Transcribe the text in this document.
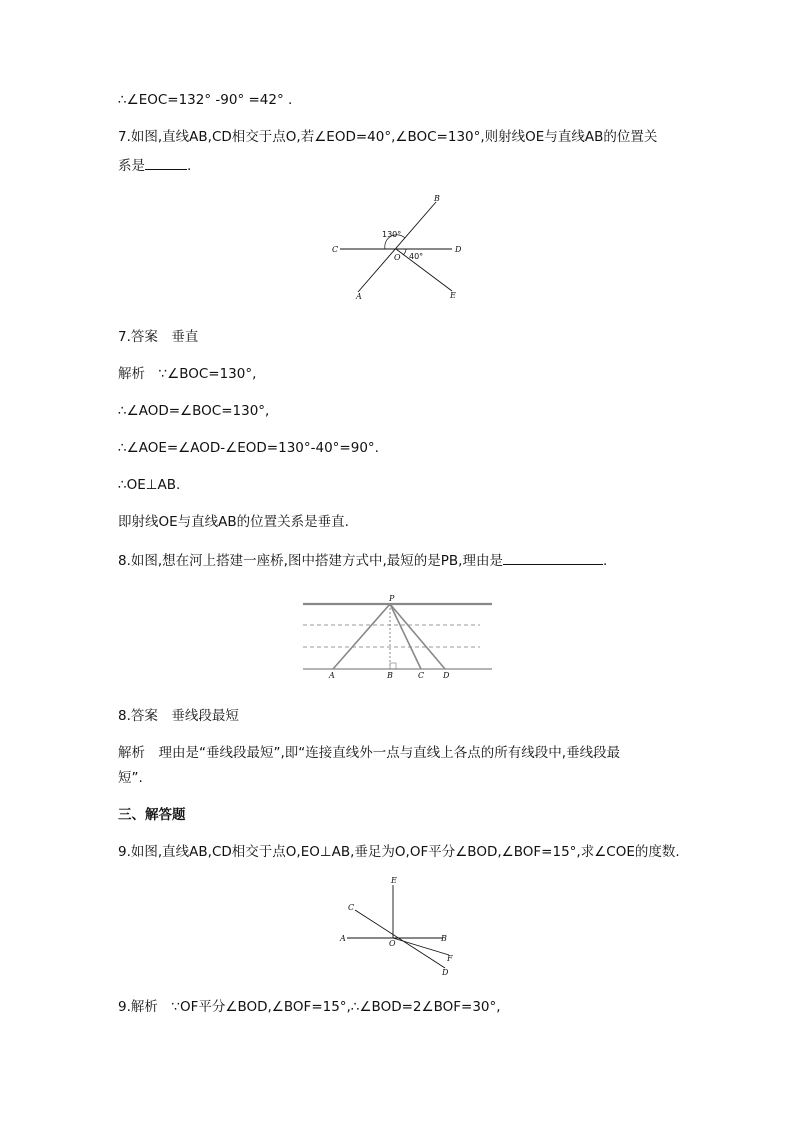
∴∠EOC=132° -90° =42° .
7.如图,直线AB,CD相交于点O,若∠EOD=40°,∠BOC=130°,则射线OE与直线AB的位置关
系是	.
C	D
B
A	E
O
130°
40°
7.答案　垂直
解析　∵∠BOC=130°,
∴∠AOD=∠BOC=130°,
∴∠AOE=∠AOD-∠EOD=130°-40°=90°.
∴OE⊥AB.
即射线OE与直线AB的位置关系是垂直.
8.如图,想在河上搭建一座桥,图中搭建方式中,最短的是PB,理由是	.
P
A	B	C D
8.答案　垂线段最短
解析　理由是“垂线段最短”,即“连接直线外一点与直线上各点的所有线段中,垂线段最
短”.
三、解答题
9.如图,直线AB,CD相交于点O,EO⊥AB,垂足为O,OF平分∠BOD,∠BOF=15°,求∠COE的度数.
E
C
A
O
B
F
D
9.解析　∵OF平分∠BOD,∠BOF=15°,∴∠BOD=2∠BOF=30°,
